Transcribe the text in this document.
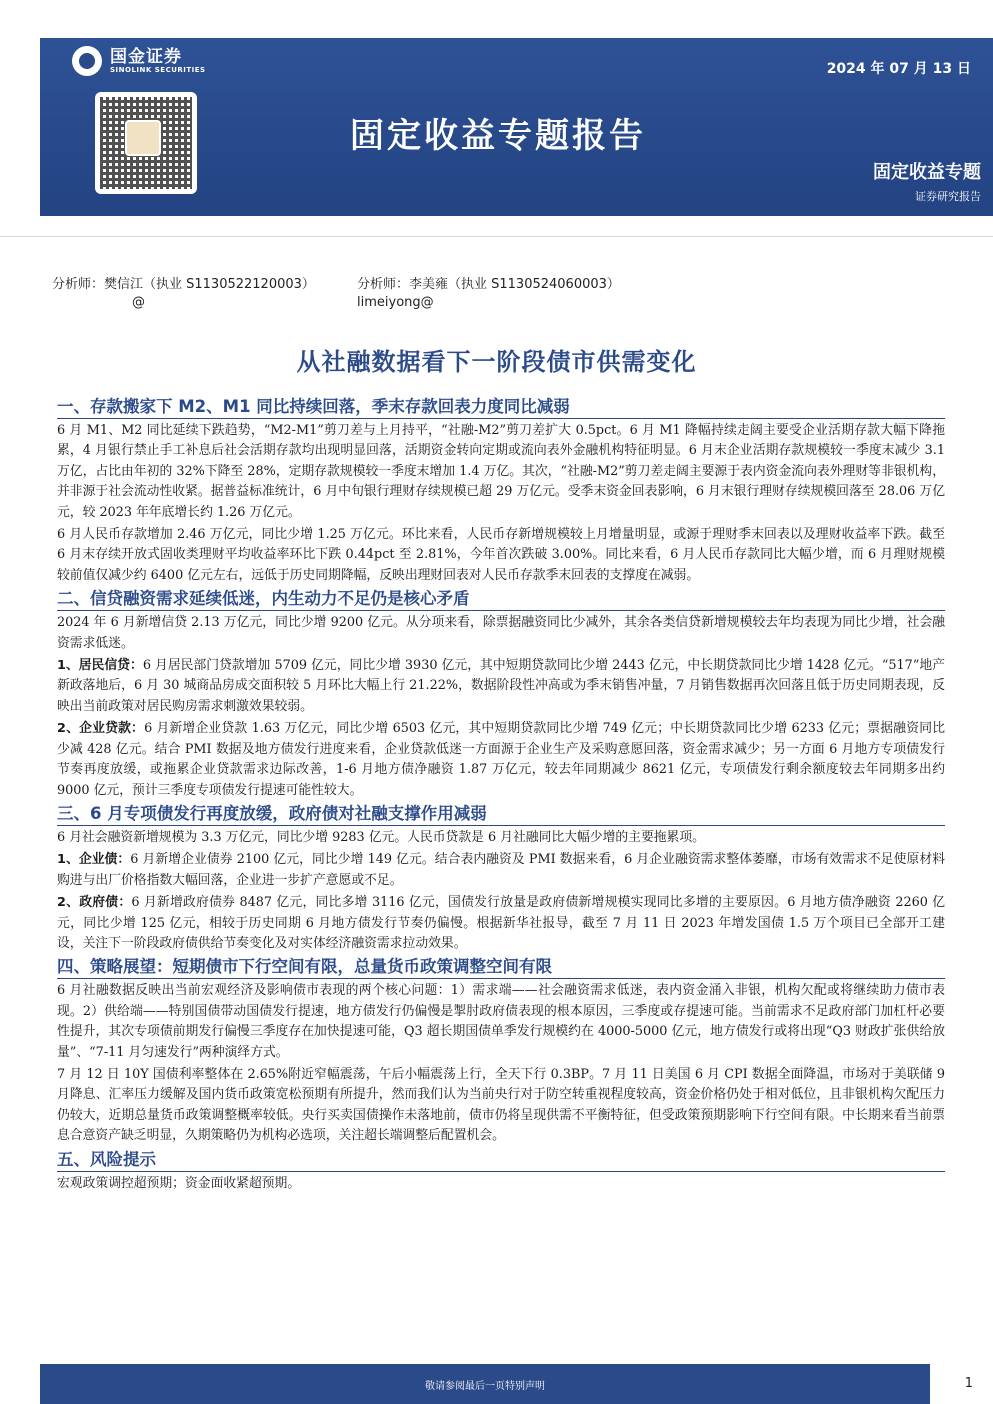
国金证券
SINOLINK SECURITIES
固定收益专题报告
2024 年 07 月 13 日
固定收益专题
证券研究报告
分析师：樊信江（执业 S1130522120003）	分析师：李美雍（执业 S1130524060003）
@	limeiyong@
从社融数据看下一阶段债市供需变化
一、存款搬家下 M2、M1 同比持续回落，季末存款回表力度同比减弱
6 月 M1、M2 同比延续下跌趋势，“M2-M1”剪刀差与上月持平，“社融-M2”剪刀差扩大 0.5pct。6 月 M1 降幅持续走阔主要受企业活期存款大幅下降拖累，4 月银行禁止手工补息后社会活期存款均出现明显回落，活期资金转向定期或流向表外金融机构特征明显。6 月末企业活期存款规模较一季度末减少 3.1 万亿，占比由年初的 32%下降至 28%，定期存款规模较一季度末增加 1.4 万亿。其次，“社融-M2”剪刀差走阔主要源于表内资金流向表外理财等非银机构，并非源于社会流动性收紧。据普益标准统计，6 月中旬银行理财存续规模已超 29 万亿元。受季末资金回表影响，6 月末银行理财存续规模回落至 28.06 万亿元，较 2023 年年底增长约 1.26 万亿元。
6 月人民币存款增加 2.46 万亿元，同比少增 1.25 万亿元。环比来看，人民币存新增规模较上月增量明显，或源于理财季末回表以及理财收益率下跌。截至 6 月末存续开放式固收类理财平均收益率环比下跌 0.44pct 至 2.81%，今年首次跌破 3.00%。同比来看，6 月人民币存款同比大幅少增，而 6 月理财规模较前值仅减少约 6400 亿元左右，远低于历史同期降幅，反映出理财回表对人民币存款季末回表的支撑度在减弱。
二、信贷融资需求延续低迷，内生动力不足仍是核心矛盾
2024 年 6 月新增信贷 2.13 万亿元，同比少增 9200 亿元。从分项来看，除票据融资同比少减外，其余各类信贷新增规模较去年均表现为同比少增，社会融资需求低迷。
1、居民信贷：6 月居民部门贷款增加 5709 亿元，同比少增 3930 亿元，其中短期贷款同比少增 2443 亿元，中长期贷款同比少增 1428 亿元。“517”地产新政落地后，6 月 30 城商品房成交面积较 5 月环比大幅上行 21.22%，数据阶段性冲高或为季末销售冲量，7 月销售数据再次回落且低于历史同期表现，反映出当前政策对居民购房需求刺激效果较弱。
2、企业贷款：6 月新增企业贷款 1.63 万亿元，同比少增 6503 亿元，其中短期贷款同比少增 749 亿元；中长期贷款同比少增 6233 亿元；票据融资同比少减 428 亿元。结合 PMI 数据及地方债发行进度来看，企业贷款低迷一方面源于企业生产及采购意愿回落，资金需求减少；另一方面 6 月地方专项债发行节奏再度放缓，或拖累企业贷款需求边际改善，1-6 月地方债净融资 1.87 万亿元，较去年同期减少 8621 亿元，专项债发行剩余额度较去年同期多出约 9000 亿元，预计三季度专项债发行提速可能性较大。
三、6 月专项债发行再度放缓，政府债对社融支撑作用减弱
6 月社会融资新增规模为 3.3 万亿元，同比少增 9283 亿元。人民币贷款是 6 月社融同比大幅少增的主要拖累项。
1、企业债：6 月新增企业债券 2100 亿元，同比少增 149 亿元。结合表内融资及 PMI 数据来看，6 月企业融资需求整体萎靡，市场有效需求不足使原材料购进与出厂价格指数大幅回落，企业进一步扩产意愿或不足。
2、政府债：6 月新增政府债券 8487 亿元，同比多增 3116 亿元，国债发行放量是政府债新增规模实现同比多增的主要原因。6 月地方债净融资 2260 亿元，同比少增 125 亿元，相较于历史同期 6 月地方债发行节奏仍偏慢。根据新华社报导，截至 7 月 11 日 2023 年增发国债 1.5 万个项目已全部开工建设，关注下一阶段政府债供给节奏变化及对实体经济融资需求拉动效果。
四、策略展望：短期债市下行空间有限，总量货币政策调整空间有限
6 月社融数据反映出当前宏观经济及影响债市表现的两个核心问题：1）需求端——社会融资需求低迷，表内资金涌入非银，机构欠配或将继续助力债市表现。2）供给端——特别国债带动国债发行提速，地方债发行仍偏慢是掣肘政府债表现的根本原因，三季度或存提速可能。当前需求不足政府部门加杠杆必要性提升，其次专项债前期发行偏慢三季度存在加快提速可能，Q3 超长期国债单季发行规模约在 4000-5000 亿元，地方债发行或将出现“Q3 财政扩张供给放量”、“7-11 月匀速发行”两种演绎方式。
7 月 12 日 10Y 国债利率整体在 2.65%附近窄幅震荡，午后小幅震荡上行，全天下行 0.3BP。7 月 11 日美国 6 月 CPI 数据全面降温，市场对于美联储 9 月降息、汇率压力缓解及国内货币政策宽松预期有所提升，然而我们认为当前央行对于防空转重视程度较高，资金价格仍处于相对低位，且非银机构欠配压力仍较大，近期总量货币政策调整概率较低。央行买卖国债操作未落地前，债市仍将呈现供需不平衡特征，但受政策预期影响下行空间有限。中长期来看当前票息合意资产缺乏明显，久期策略仍为机构必选项，关注超长端调整后配置机会。
五、风险提示
宏观政策调控超预期；资金面收紧超预期。
敬请参阅最后一页特别声明	1
